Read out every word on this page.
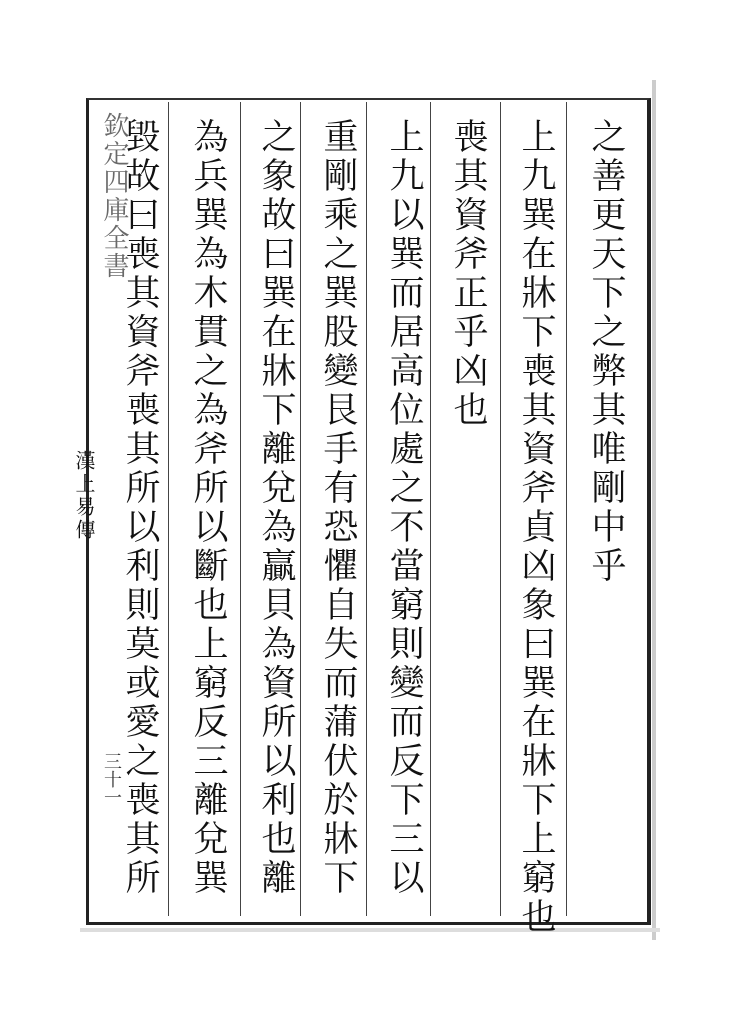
欽定四庫全書
漢上易傳
三十一
之善更天下之弊其唯剛中乎
上九巽在牀下喪其資斧貞凶象曰巽在牀下上窮也
喪其資斧正乎凶也
上九以巽而居高位處之不當窮則變而反下三以
重剛乘之巽股變艮手有恐懼自失而蒲伏於牀下
之象故曰巽在牀下離兌為贏貝為資所以利也離
為兵巽為木貫之為斧所以斷也上窮反三離兌巽
毀故曰喪其資斧喪其所以利則莫或愛之喪其所
